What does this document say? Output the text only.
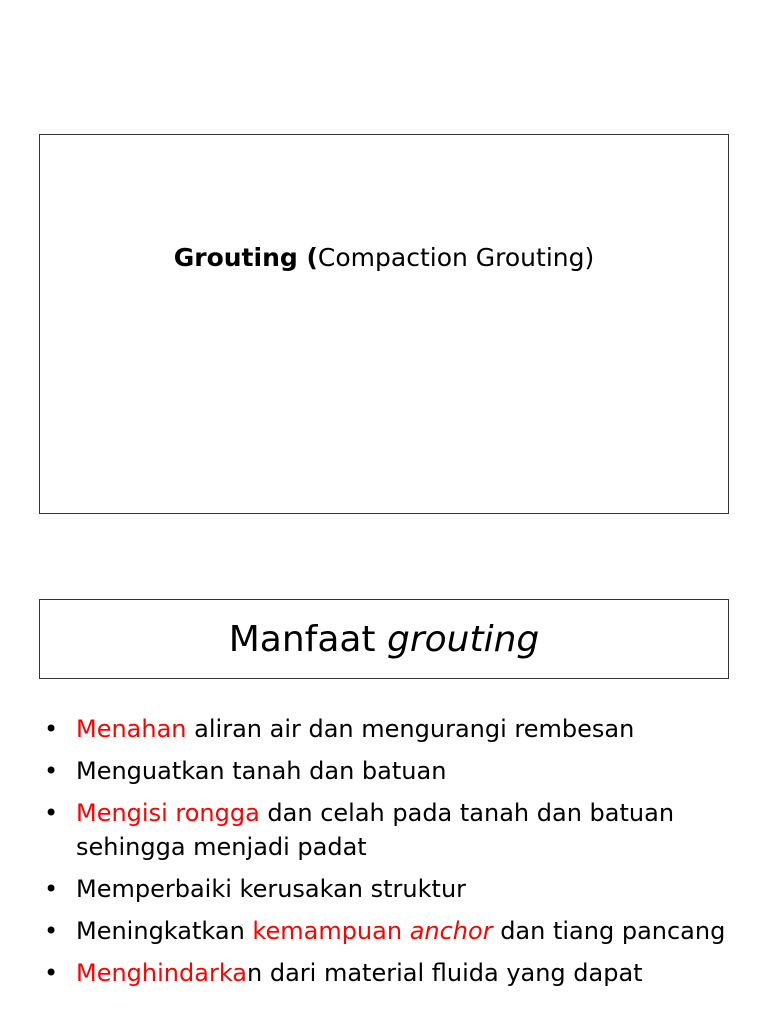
Grouting (Compaction Grouting)
Manfaat grouting
• Menahan aliran air dan mengurangi rembesan
• Menguatkan tanah dan batuan
• Mengisi rongga dan celah pada tanah dan batuan sehingga menjadi padat
• Memperbaiki kerusakan struktur
• Meningkatkan kemampuan anchor dan tiang pancang
• Menghindarkan dari material fluida yang dapat
